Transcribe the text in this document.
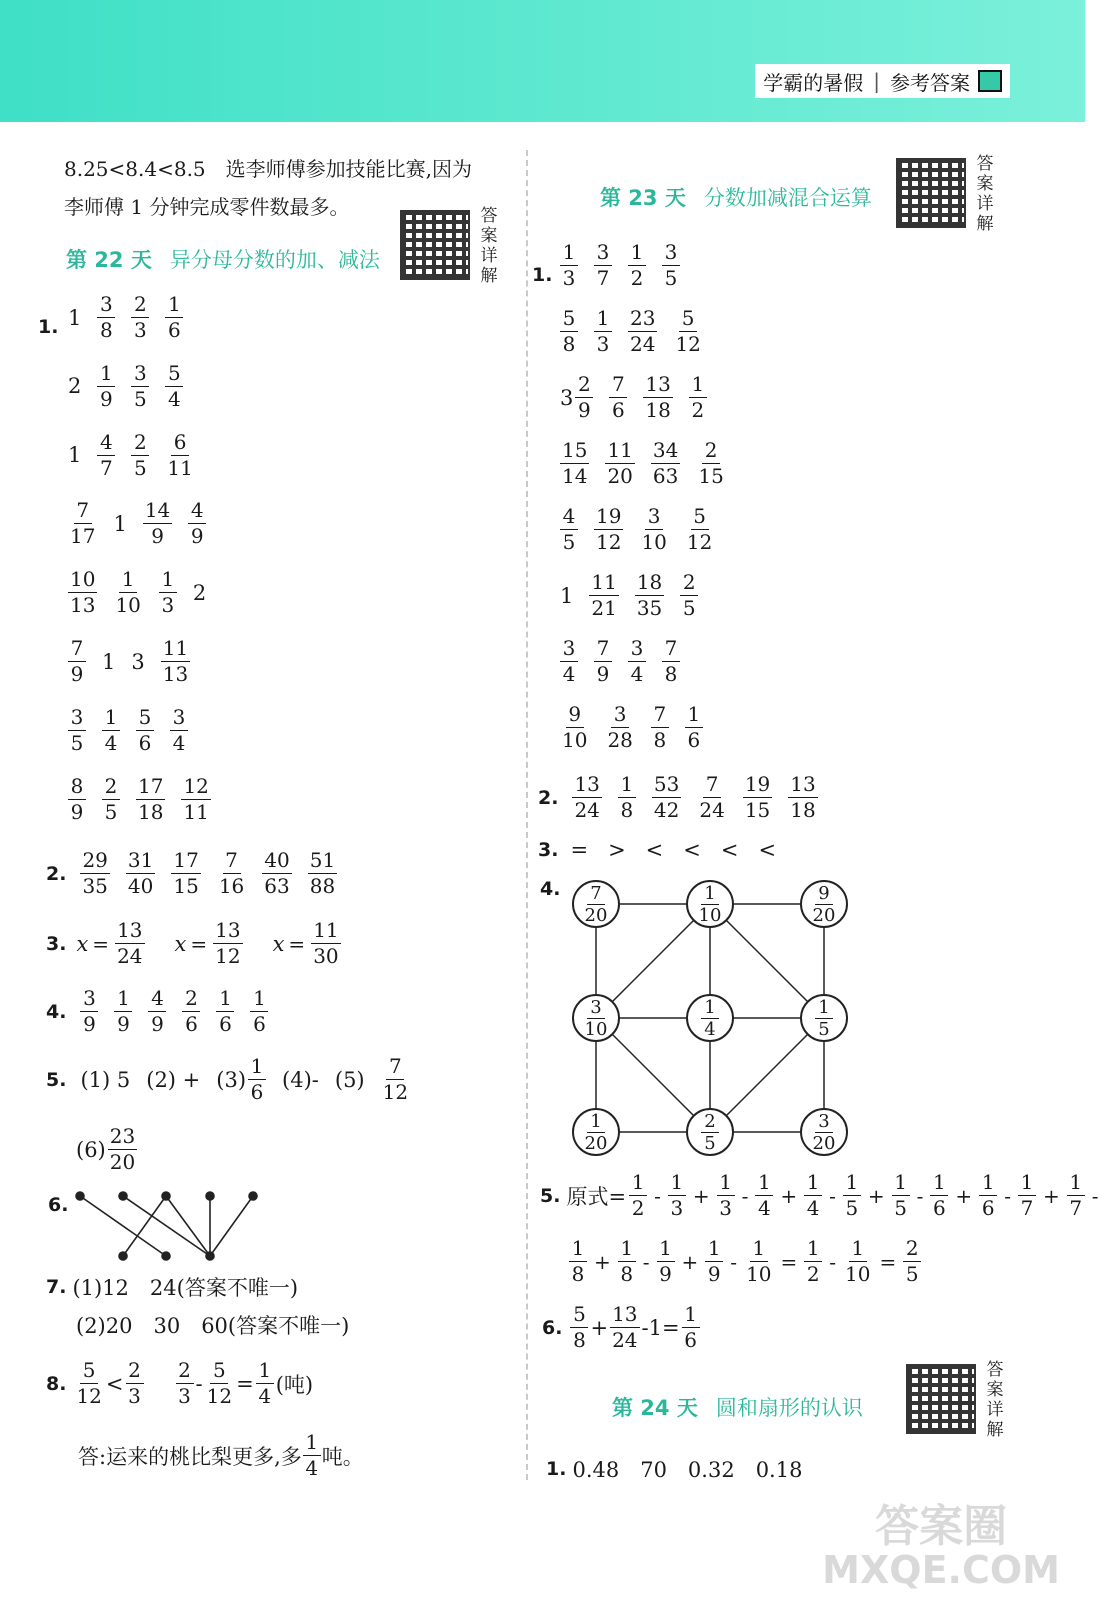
学霸的暑假 | 参考答案
8.25<8.4<8.5　选李师傅参加技能比赛,因为
李师傅 1 分钟完成零件数最多。
第 22 天 异分母分数的加、减法
答案详解
1. $1 \frac{3}{8} \frac{2}{3} \frac{1}{6}$
$2 \frac{1}{9} \frac{3}{5} \frac{5}{4}$
$1 \frac{4}{7} \frac{2}{5} \frac{6}{11}$
$\frac{7}{17} 1 \frac{14}{9} \frac{4}{9}$
$\frac{10}{13} \frac{1}{10} \frac{1}{3} 2$
$\frac{7}{9} 1$ $3 \frac{11}{13}$
$\frac{3}{5} \frac{1}{4} \frac{5}{6} \frac{3}{4}$
$\frac{8}{9} \frac{2}{5} \frac{17}{18} \frac{12}{11}$
2. $\frac{29}{35} \frac{31}{40} \frac{17}{15} \frac{7}{16} \frac{40}{63} \frac{51}{88}$
3. $x = \frac{13}{24}$ $x = \frac{13}{12}$ $x = \frac{11}{30}$
4. $\frac{3}{9} \frac{1}{9} \frac{4}{9} \frac{2}{6} \frac{1}{6} \frac{1}{6}$
5. (1) 5 $(2) + (3) \frac{1}{6} (4)-$ $(5) \frac{7}{12}$
$(6) \frac{23}{20}$
6.
7. (1)12　24(答案不唯一)
(2)20　30　60(答案不唯一)
8. $\frac{5}{12} < \frac{2}{3} \frac{2}{3} - \frac{5}{12} = \frac{1}{4}$ (吨)
答:运来的桃比梨更多,多 $\frac{1}{4}$ 吨。
第 23 天 分数加减混合运算
答案详解
1. $\frac{1}{3} \frac{3}{7} \frac{1}{2} \frac{3}{5}$
$\frac{5}{8} \frac{1}{3} \frac{23}{24} \frac{5}{12}$
$3 \frac{2}{9} \frac{7}{6} \frac{13}{18} \frac{1}{2}$
$\frac{15}{14} \frac{11}{20} \frac{34}{63} \frac{2}{15}$
$\frac{4}{5} \frac{19}{12} \frac{3}{10} \frac{5}{12}$
$1 \frac{11}{21} \frac{18}{35} \frac{2}{5}$
$\frac{3}{4} \frac{7}{9} \frac{3}{4} \frac{7}{8}$
$\frac{9}{10} \frac{3}{28} \frac{7}{8} \frac{1}{6}$
2. $\frac{13}{24} \frac{1}{8} \frac{53}{42} \frac{7}{24} \frac{19}{15} \frac{13}{18}$
3. = > < < < <
4. $\frac{7}{20}$	$\frac{1}{10}$	$\frac{9}{20}$
$\frac{3}{10}$	$\frac{1}{4}$	$\frac{1}{5}$
$\frac{1}{20}$	$\frac{2}{5}$	$\frac{3}{20}$
5. 原式= $\frac{1}{2} - \frac{1}{3} + \frac{1}{3} - \frac{1}{4} + \frac{1}{4} - \frac{1}{5} + \frac{1}{5} - \frac{1}{6} + \frac{1}{6} - \frac{1}{7} + \frac{1}{7}$ -
$\frac{1}{8} + \frac{1}{8} - \frac{1}{9} + \frac{1}{9} - \frac{1}{10} = \frac{1}{2} - \frac{1}{10} = \frac{2}{5}$
6. $\frac{5}{8} + \frac{13}{24} -1= \frac{1}{6}$
第 24 天 圆和扇形的认识
答案详解
1. 0.48　70　0.32　0.18
答案圈
MXQE.COM
